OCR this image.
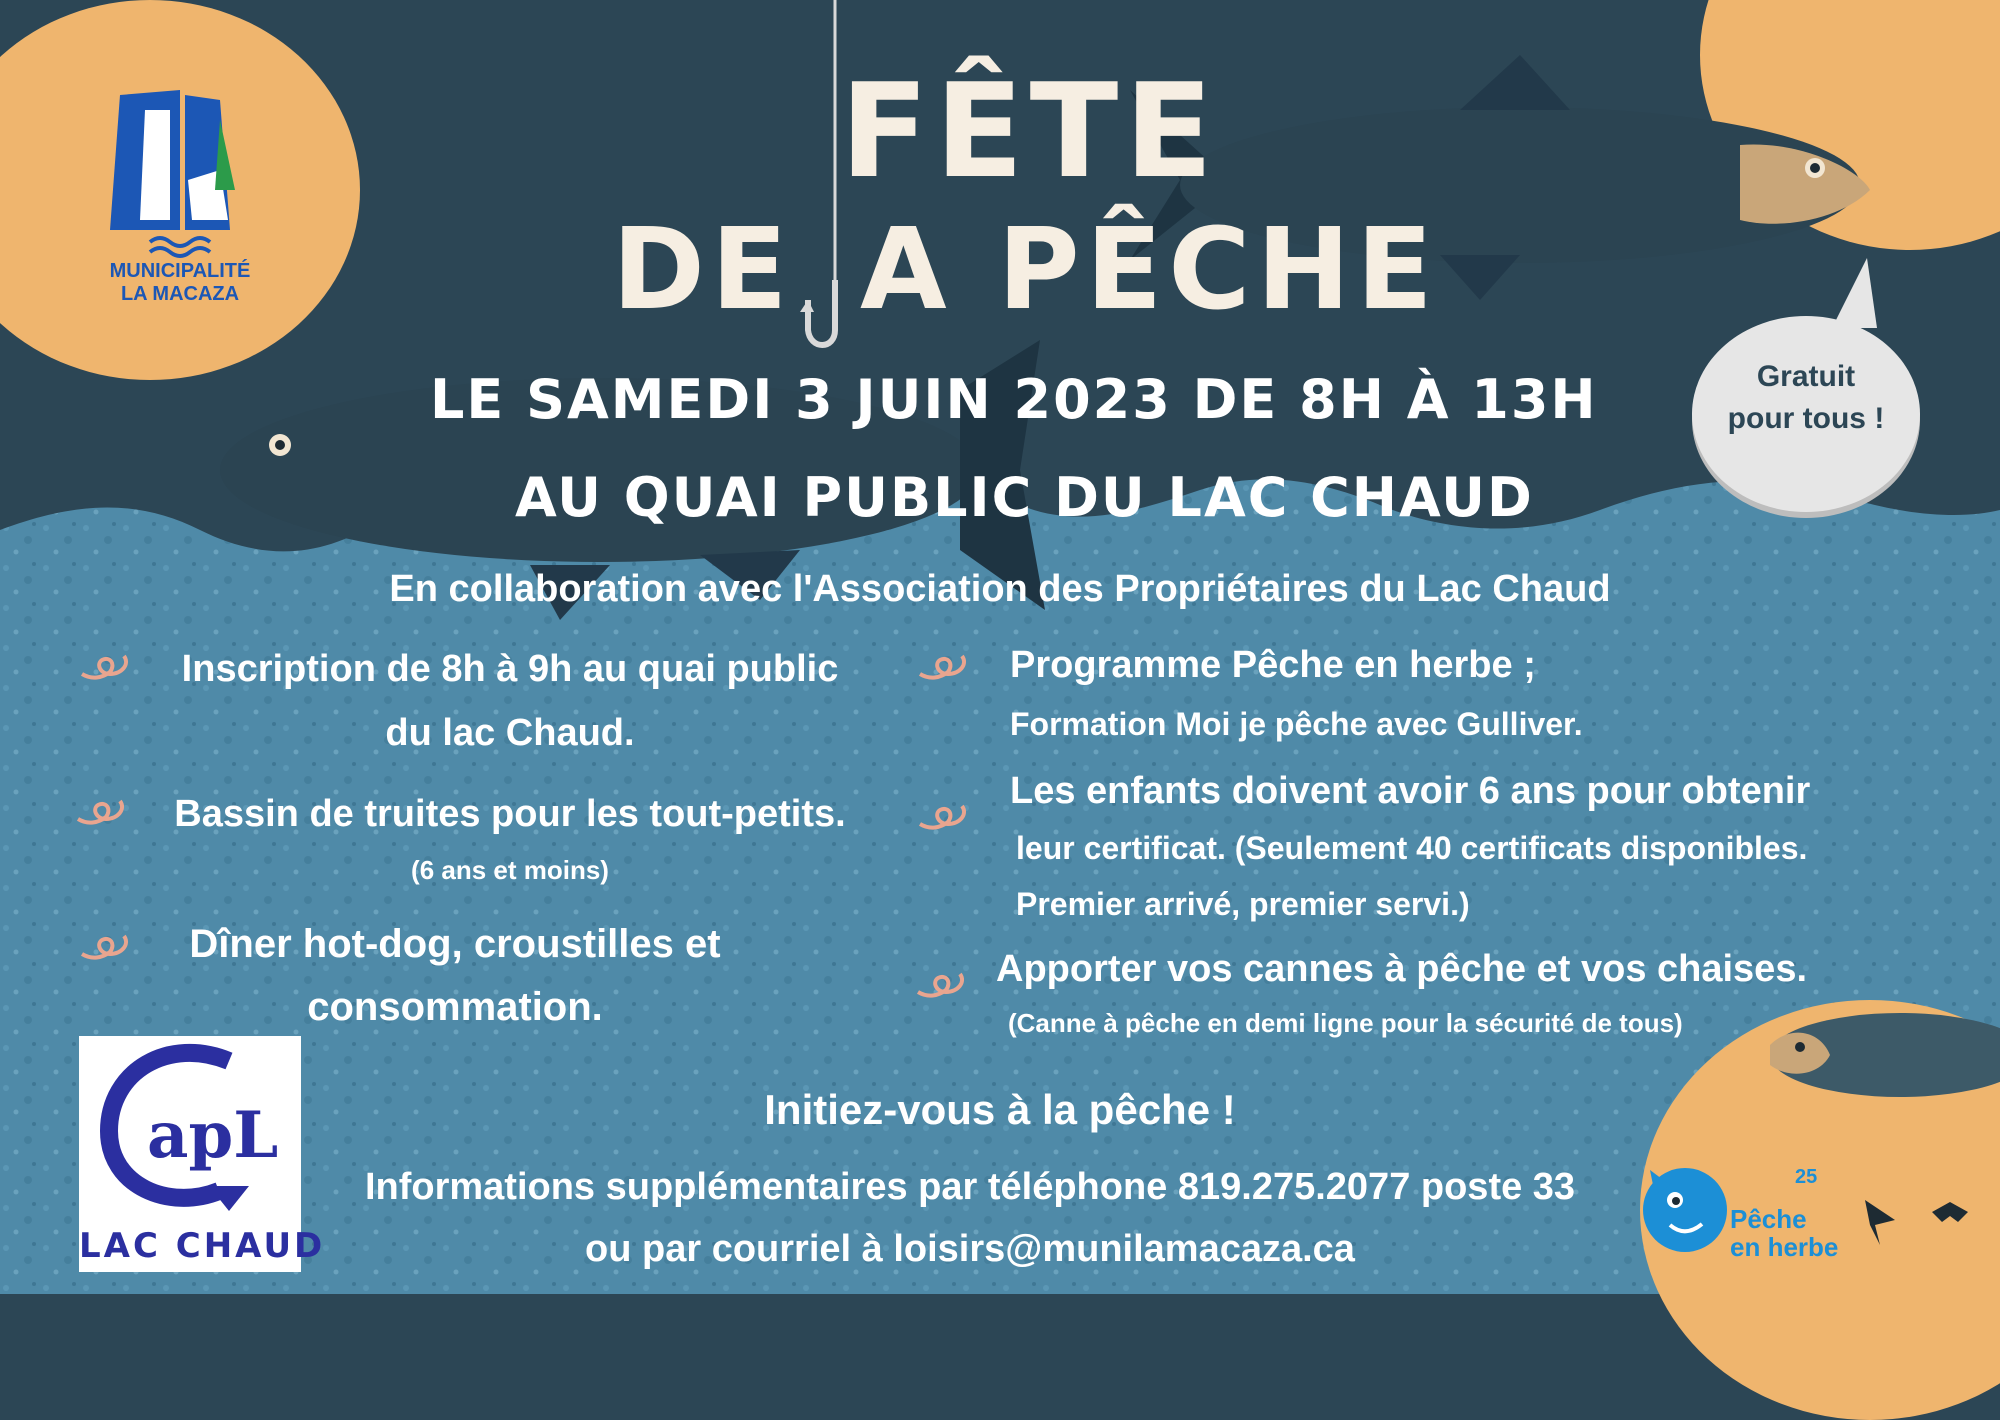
MUNICIPALITÉ
LA MACAZA
FÊTE
DE A PÊCHE
LE SAMEDI 3 JUIN 2023 DE 8H À 13H
AU QUAI PUBLIC DU LAC CHAUD
Gratuit
pour tous !
En collaboration avec l'Association des Propriétaires du Lac Chaud
Inscription de 8h à 9h au quai public
du lac Chaud.
Bassin de truites pour les tout-petits.
(6 ans et moins)
Dîner hot-dog, croustilles et
consommation.
Programme Pêche en herbe ;
Formation Moi je pêche avec Gulliver.
Les enfants doivent avoir 6 ans pour obtenir
leur certificat. (Seulement 40 certificats disponibles.
Premier arrivé, premier servi.)
Apporter vos cannes à pêche et vos chaises.
(Canne à pêche en demi ligne pour la sécurité de tous)
apL
LAC CHAUD
Initiez-vous à la pêche !
Informations supplémentaires par téléphone 819.275.2077 poste 33
ou par courriel à loisirs@munilamacaza.ca
25
Pêche
en herbe
